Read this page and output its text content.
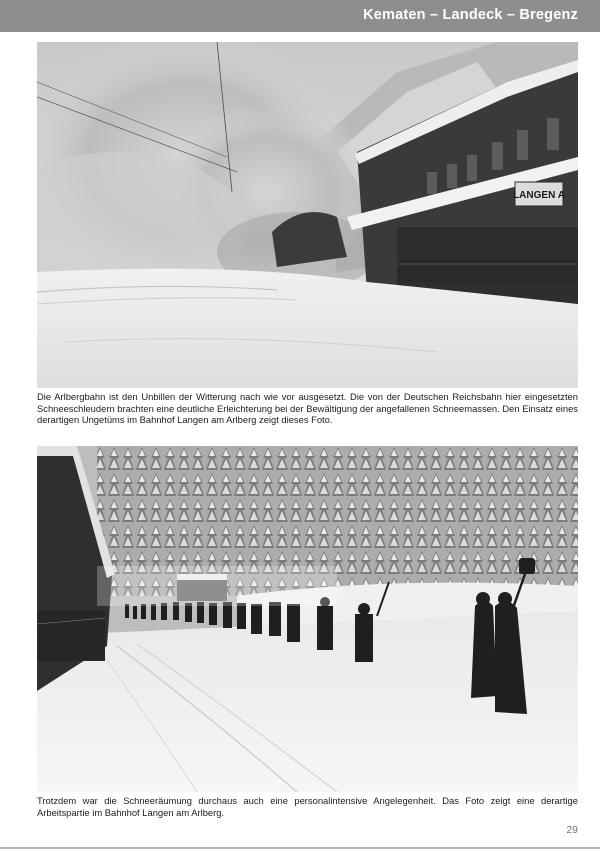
Kematen – Landeck – Bregenz
LANGEN A

Die Arlbergbahn ist den Unbillen der Witterung nach wie vor ausgesetzt. Die von der Deutschen Reichsbahn hier eingesetzten Schneeschleudern brachten eine deutliche Erleichterung bei der Bewältigung der angefallenen Schneemassen. Den Einsatz eines derartigen Ungetüms im Bahnhof Langen am Arlberg zeigt dieses Foto.

Trotzdem war die Schneeräumung durchaus auch eine personalintensive Angelegenheit. Das Foto zeigt eine derartige Arbeitspartie im Bahnhof Langen am Arlberg.

29
